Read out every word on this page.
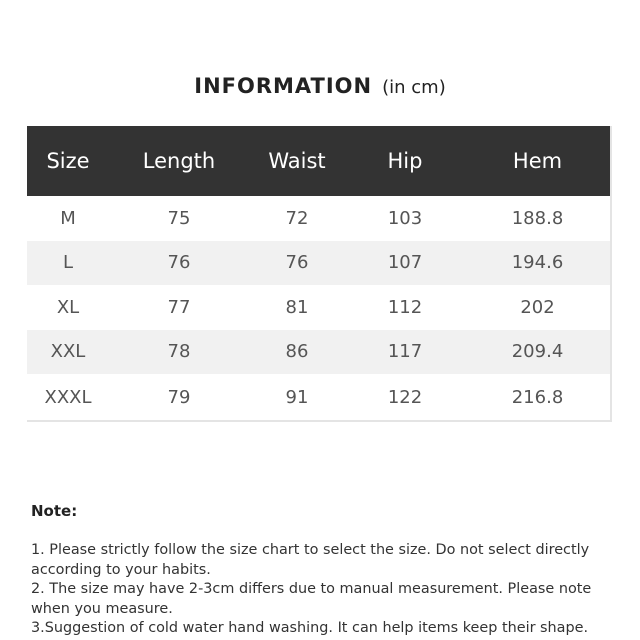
INFORMATION (in cm)
Size	Length	Waist	Hip	Hem
M	75	72	103	188.8
L	76	76	107	194.6
XL	77	81	112	202
XXL	78	86	117	209.4
XXXL	79	91	122	216.8
Note:

1. Please strictly follow the size chart to select the size. Do not select directly according to your habits.

2. The size may have 2-3cm differs due to manual measurement. Please note when you measure.

3.Suggestion of cold water hand washing. It can help items keep their shape.
